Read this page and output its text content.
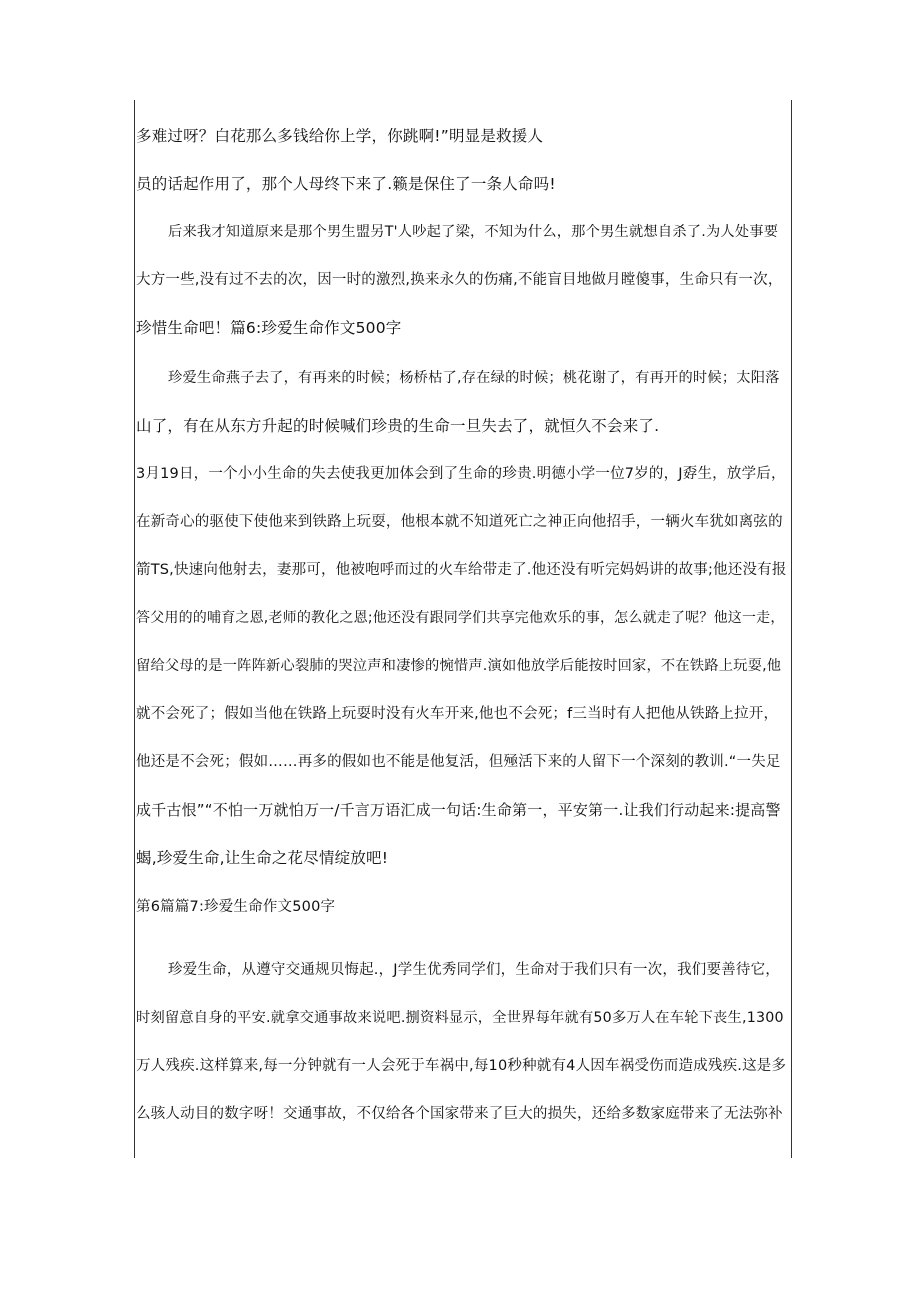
多难过呀？白花那么多钱给你上学，你跳啊!”明显是救援人
员的话起作用了，那个人母终下来了.籁是保住了一条人命吗!
后来我才知道原来是那个男生盟另T'人吵起了梁，不知为什么，那个男生就想自杀了.为人处事要
大方一些,没有过不去的次，因一时的激烈,换来永久的伤痛,不能盲目地做月瞠傻事，生命只有一次，
珍惜生命吧！篇6:珍爱生命作文500字
珍爱生命燕子去了，有再来的时候；杨桥枯了,存在绿的时候；桃花谢了，有再开的时候；太阳落
山了，有在从东方升起的时候喊们珍贵的生命一旦失去了，就恒久不会来了.
3月19日，一个小小生命的失去使我更加体会到了生命的珍贵.明德小学一位7岁的，J孬生，放学后，
在新奇心的驱使下使他来到铁路上玩耍，他根本就不知道死亡之神正向他招手，一辆火车犹如离弦的
箭TS,快速向他射去，妻那可，他被咆呼而过的火车给带走了.他还没有听完妈妈讲的故事;他还没有报
答父用的的哺育之恩,老师的教化之恩;他还没有跟同学们共享完他欢乐的事，怎么就走了呢？他这一走，
留给父母的是一阵阵新心裂肺的哭泣声和凄惨的惋惜声.演如他放学后能按时回家，不在铁路上玩耍,他
就不会死了；假如当他在铁路上玩耍时没有火车开来,他也不会死；f三当时有人把他从铁路上拉开，
他还是不会死；假如……再多的假如也不能是他复活，但殛活下来的人留下一个深刻的教训.“一失足
成千古恨”“不怕一万就怕万一/千言万语汇成一句话:生命第一，平安第一.让我们行动起来:提高警
蝎,珍爱生命,让生命之花尽情绽放吧!
第6篇篇7:珍爱生命作文500字
珍爱生命，从遵守交通规贝悔起.，J学生优秀同学们，生命对于我们只有一次，我们要善待它，
时刻留意自身的平安.就拿交通事故来说吧.捌资料显示，全世界每年就有50多万人在车轮下丧生,1300
万人残疾.这样算来,每一分钟就有一人会死于车祸中,每10秒种就有4人因车祸受伤而造成残疾.这是多
么骇人动目的数字呀！交通事故，不仅给各个国家带来了巨大的损失，还给多数家庭带来了无法弥补
